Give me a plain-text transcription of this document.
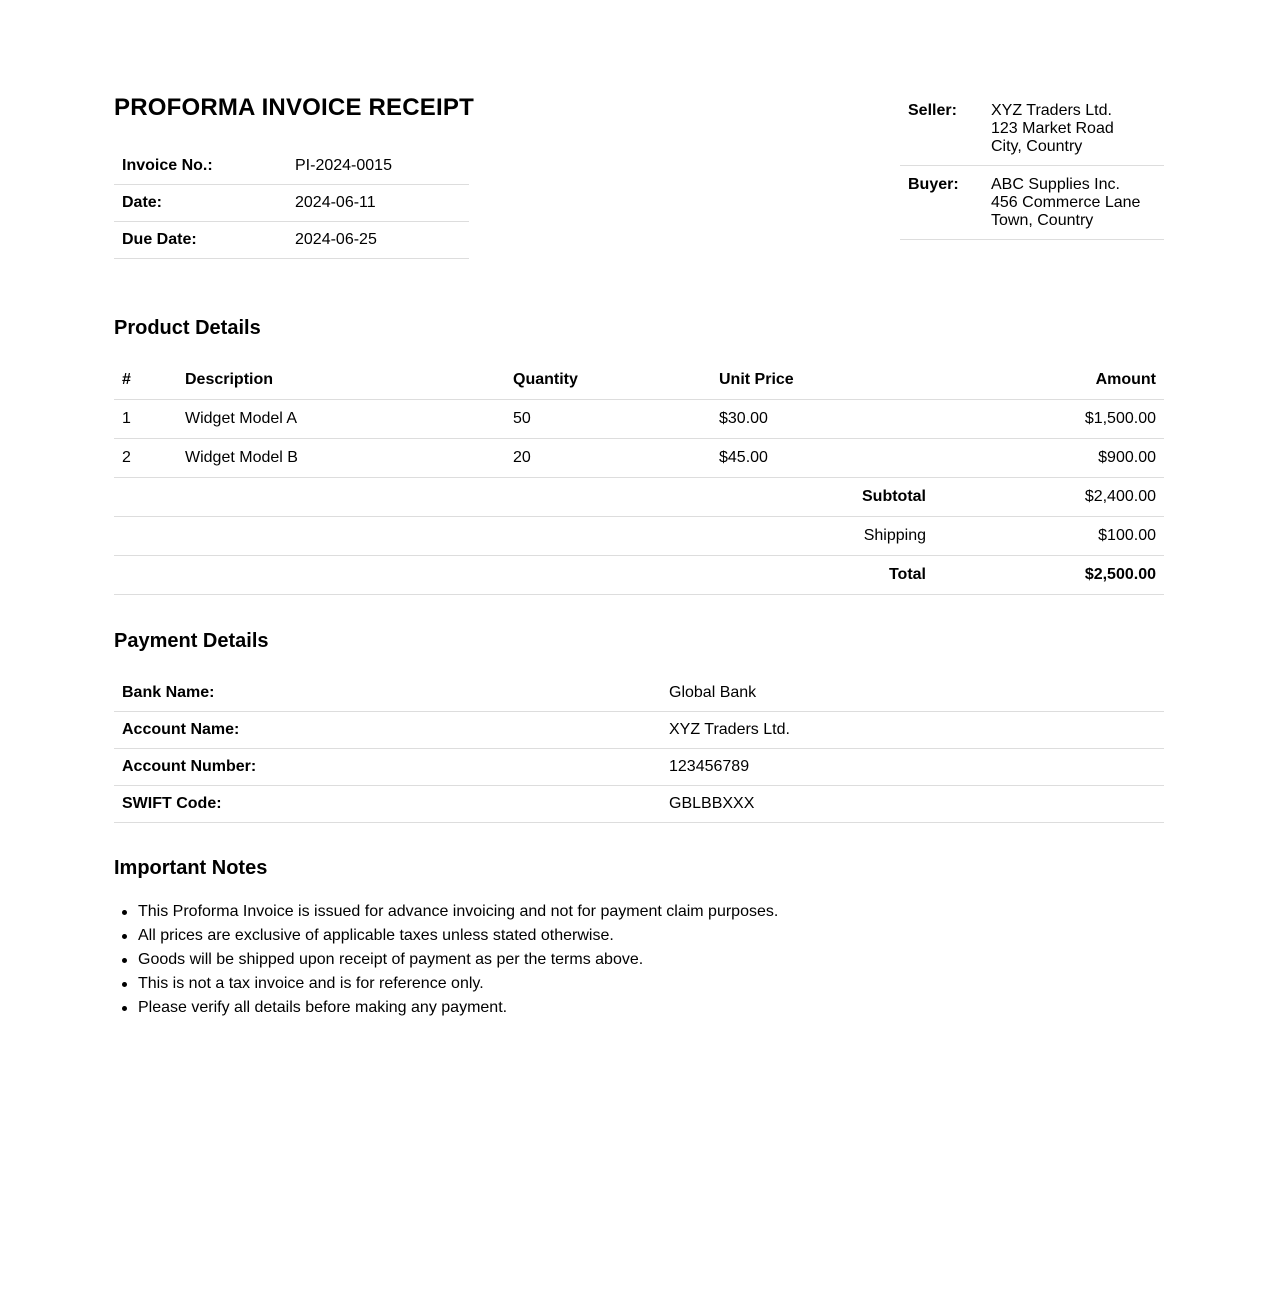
PROFORMA INVOICE RECEIPT
Invoice No.:	PI-2024-0015
Date:	2024-06-11
Due Date:	2024-06-25
Seller:	XYZ Traders Ltd.
123 Market Road
City, Country

Buyer:	ABC Supplies Inc.
456 Commerce Lane
Town, Country
Product Details
#	Description	Quantity	Unit Price	Amount
1	Widget Model A	50	$30.00	$1,500.00
2	Widget Model B	20	$45.00	$900.00
Subtotal				$2,400.00
Shipping				$100.00
Total				$2,500.00
Payment Details
Bank Name:	Global Bank
Account Name:	XYZ Traders Ltd.
Account Number:	123456789
SWIFT Code:	GBLBBXXX
Important Notes
This Proforma Invoice is issued for advance invoicing and not for payment claim purposes.
All prices are exclusive of applicable taxes unless stated otherwise.
Goods will be shipped upon receipt of payment as per the terms above.
This is not a tax invoice and is for reference only.
Please verify all details before making any payment.
